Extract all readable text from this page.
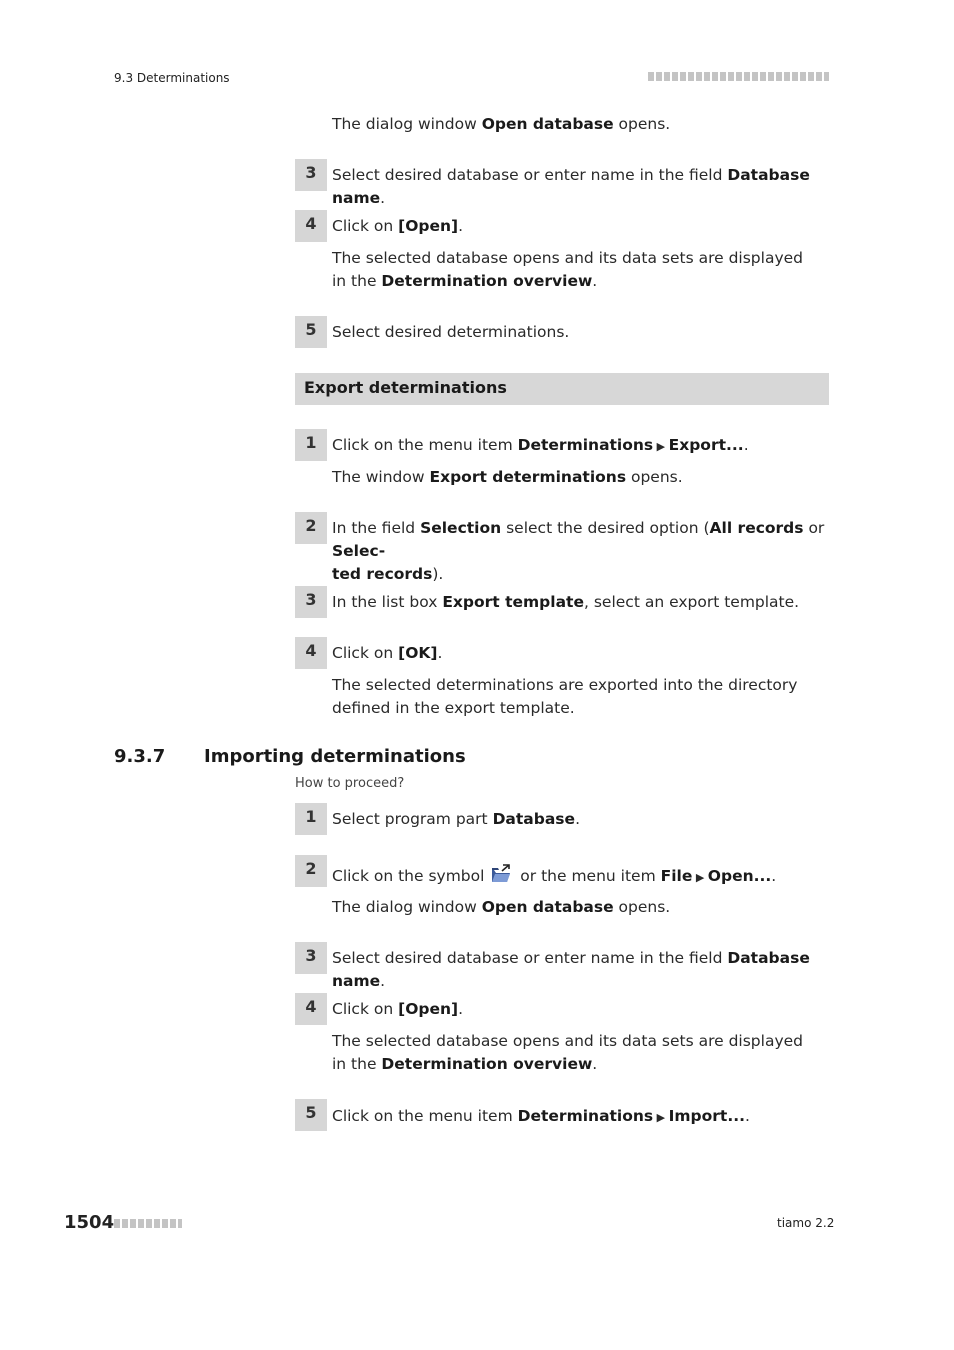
9.3 Determinations
The dialog window Open database opens.
3 Select desired database or enter name in the field Database name.
4 Click on [Open].
The selected database opens and its data sets are displayed in the Determination overview.
5 Select desired determinations.
Export determinations
1 Click on the menu item Determinations ▶ Export....
The window Export determinations opens.
2 In the field Selection select the desired option (All records or Selec-
ted records).
3 In the list box Export template, select an export template.
4 Click on [OK].
The selected determinations are exported into the directory defined in the export template.
9.3.7 Importing determinations
How to proceed?
1 Select program part Database.
2 Click on the symbol  or the menu item File ▶ Open....
The dialog window Open database opens.
3 Select desired database or enter name in the field Database name.
4 Click on [Open].
The selected database opens and its data sets are displayed in the Determination overview.
5 Click on the menu item Determinations ▶ Import....
1504	tiamo 2.2
